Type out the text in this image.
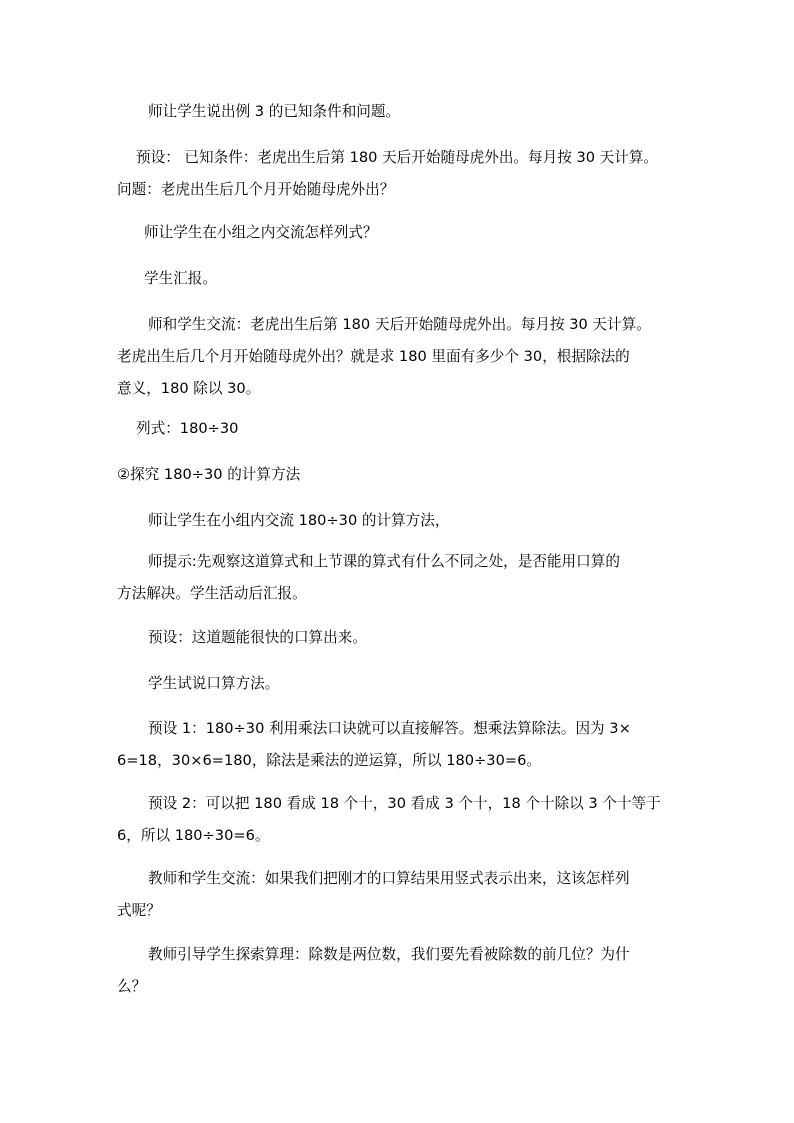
师让学生说出例 3 的已知条件和问题。
预设： 已知条件：老虎出生后第 180 天后开始随母虎外出。每月按 30 天计算。
问题：老虎出生后几个月开始随母虎外出？
师让学生在小组之内交流怎样列式？
学生汇报。
师和学生交流：老虎出生后第 180 天后开始随母虎外出。每月按 30 天计算。
老虎出生后几个月开始随母虎外出？就是求 180 里面有多少个 30，根据除法的
意义，180 除以 30。
列式：180÷30
②探究 180÷30 的计算方法
师让学生在小组内交流 180÷30 的计算方法，
师提示:先观察这道算式和上节课的算式有什么不同之处，是否能用口算的
方法解决。学生活动后汇报。
预设：这道题能很快的口算出来。
学生试说口算方法。
预设 1：180÷30 利用乘法口诀就可以直接解答。想乘法算除法。因为 3×
6=18，30×6=180，除法是乘法的逆运算，所以 180÷30=6。
预设 2：可以把 180 看成 18 个十，30 看成 3 个十，18 个十除以 3 个十等于
6，所以 180÷30=6。
教师和学生交流：如果我们把刚才的口算结果用竖式表示出来，这该怎样列
式呢？
教师引导学生探索算理：除数是两位数，我们要先看被除数的前几位？为什
么？
